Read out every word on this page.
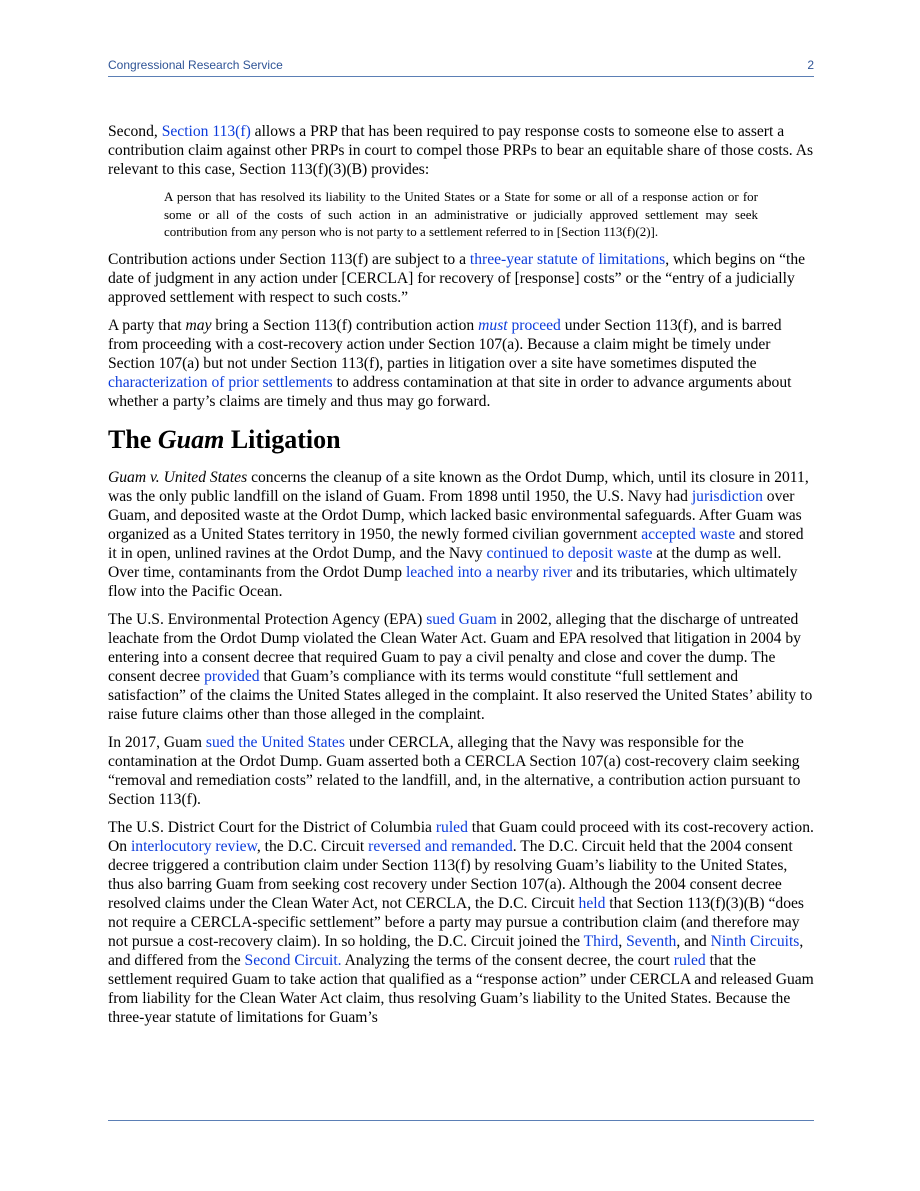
Congressional Research Service	2

Second, Section 113(f) allows a PRP that has been required to pay response costs to someone else to assert a contribution claim against other PRPs in court to compel those PRPs to bear an equitable share of those costs. As relevant to this case, Section 113(f)(3)(B) provides:

A person that has resolved its liability to the United States or a State for some or all of a response action or for some or all of the costs of such action in an administrative or judicially approved settlement may seek contribution from any person who is not party to a settlement referred to in [Section 113(f)(2)].

Contribution actions under Section 113(f) are subject to a three-year statute of limitations, which begins on “the date of judgment in any action under [CERCLA] for recovery of [response] costs” or the “entry of a judicially approved settlement with respect to such costs.”

A party that may bring a Section 113(f) contribution action must proceed under Section 113(f), and is barred from proceeding with a cost-recovery action under Section 107(a). Because a claim might be timely under Section 107(a) but not under Section 113(f), parties in litigation over a site have sometimes disputed the characterization of prior settlements to address contamination at that site in order to advance arguments about whether a party’s claims are timely and thus may go forward.

The Guam Litigation

Guam v. United States concerns the cleanup of a site known as the Ordot Dump, which, until its closure in 2011, was the only public landfill on the island of Guam. From 1898 until 1950, the U.S. Navy had jurisdiction over Guam, and deposited waste at the Ordot Dump, which lacked basic environmental safeguards. After Guam was organized as a United States territory in 1950, the newly formed civilian government accepted waste and stored it in open, unlined ravines at the Ordot Dump, and the Navy continued to deposit waste at the dump as well. Over time, contaminants from the Ordot Dump leached into a nearby river and its tributaries, which ultimately flow into the Pacific Ocean.

The U.S. Environmental Protection Agency (EPA) sued Guam in 2002, alleging that the discharge of untreated leachate from the Ordot Dump violated the Clean Water Act. Guam and EPA resolved that litigation in 2004 by entering into a consent decree that required Guam to pay a civil penalty and close and cover the dump. The consent decree provided that Guam’s compliance with its terms would constitute “full settlement and satisfaction” of the claims the United States alleged in the complaint. It also reserved the United States’ ability to raise future claims other than those alleged in the complaint.

In 2017, Guam sued the United States under CERCLA, alleging that the Navy was responsible for the contamination at the Ordot Dump. Guam asserted both a CERCLA Section 107(a) cost-recovery claim seeking “removal and remediation costs” related to the landfill, and, in the alternative, a contribution action pursuant to Section 113(f).

The U.S. District Court for the District of Columbia ruled that Guam could proceed with its cost-recovery action. On interlocutory review, the D.C. Circuit reversed and remanded. The D.C. Circuit held that the 2004 consent decree triggered a contribution claim under Section 113(f) by resolving Guam’s liability to the United States, thus also barring Guam from seeking cost recovery under Section 107(a). Although the 2004 consent decree resolved claims under the Clean Water Act, not CERCLA, the D.C. Circuit held that Section 113(f)(3)(B) “does not require a CERCLA-specific settlement” before a party may pursue a contribution claim (and therefore may not pursue a cost-recovery claim). In so holding, the D.C. Circuit joined the Third, Seventh, and Ninth Circuits, and differed from the Second Circuit. Analyzing the terms of the consent decree, the court ruled that the settlement required Guam to take action that qualified as a “response action” under CERCLA and released Guam from liability for the Clean Water Act claim, thus resolving Guam’s liability to the United States. Because the three-year statute of limitations for Guam’s
